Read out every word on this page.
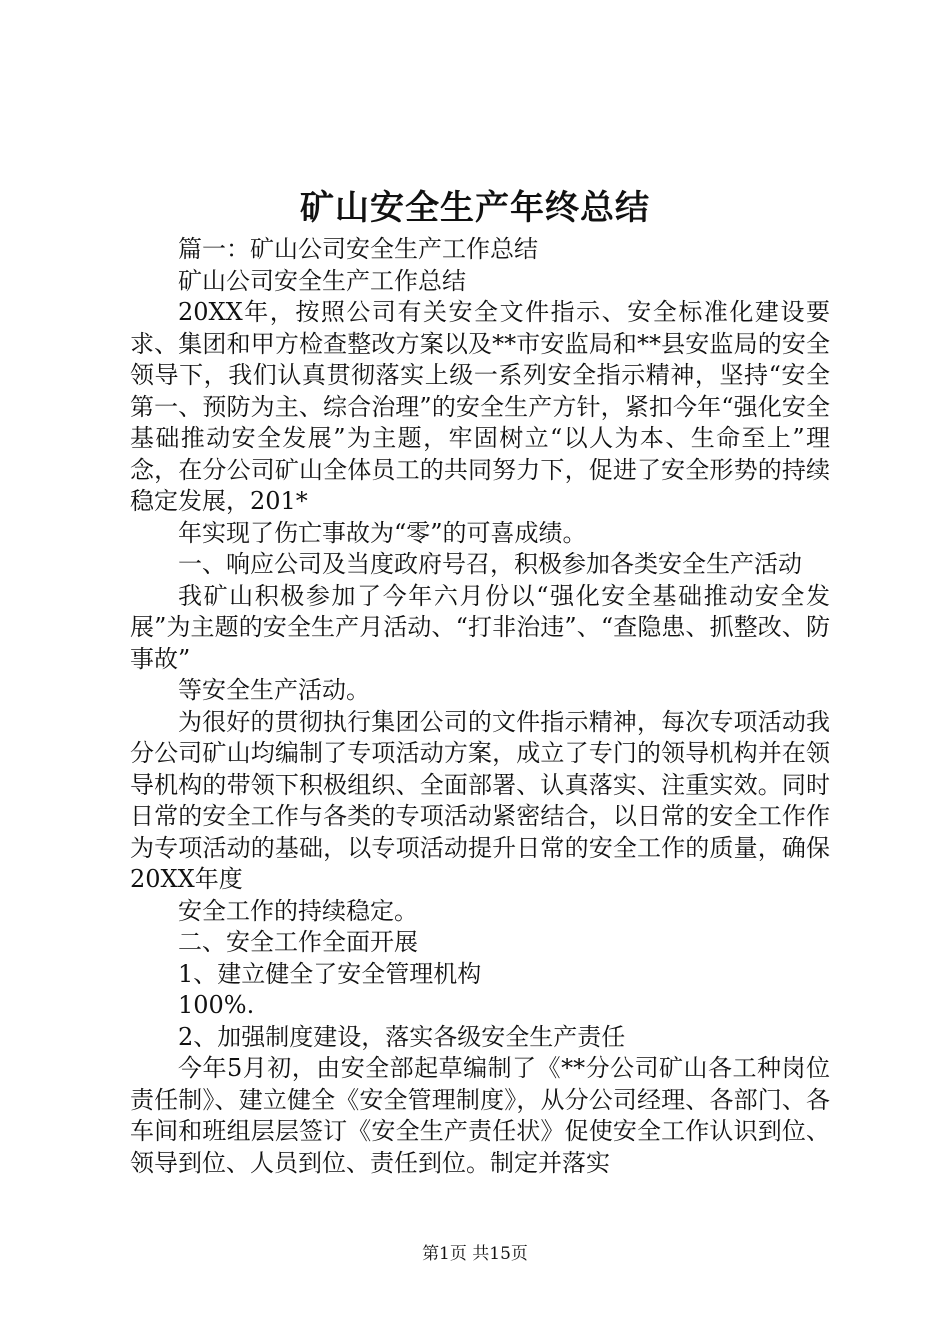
矿山安全生产年终总结

篇一：矿山公司安全生产工作总结

矿山公司安全生产工作总结

20XX年，按照公司有关安全文件指示、安全标准化建设要求、集团和甲方检查整改方案以及**市安监局和**县安监局的安全领导下，我们认真贯彻落实上级一系列安全指示精神，坚持“安全第一、预防为主、综合治理”的安全生产方针，紧扣今年“强化安全基础推动安全发展”为主题，牢固树立“以人为本、生命至上”理念，在分公司矿山全体员工的共同努力下，促进了安全形势的持续稳定发展，201*

年实现了伤亡事故为“零”的可喜成绩。

一、响应公司及当度政府号召，积极参加各类安全生产活动

我矿山积极参加了今年六月份以“强化安全基础推动安全发展”为主题的安全生产月活动、“打非治违”、“查隐患、抓整改、防事故”

等安全生产活动。

为很好的贯彻执行集团公司的文件指示精神，每次专项活动我分公司矿山均编制了专项活动方案，成立了专门的领导机构并在领导机构的带领下积极组织、全面部署、认真落实、注重实效。同时日常的安全工作与各类的专项活动紧密结合，以日常的安全工作作为专项活动的基础，以专项活动提升日常的安全工作的质量，确保20XX年度

安全工作的持续稳定。

二、安全工作全面开展

1、建立健全了安全管理机构

100%.

2、加强制度建设，落实各级安全生产责任

今年5月初，由安全部起草编制了《**分公司矿山各工种岗位责任制》、建立健全《安全管理制度》，从分公司经理、各部门、各车间和班组层层签订《安全生产责任状》促使安全工作认识到位、领导到位、人员到位、责任到位。制定并落实

第1页 共15页
